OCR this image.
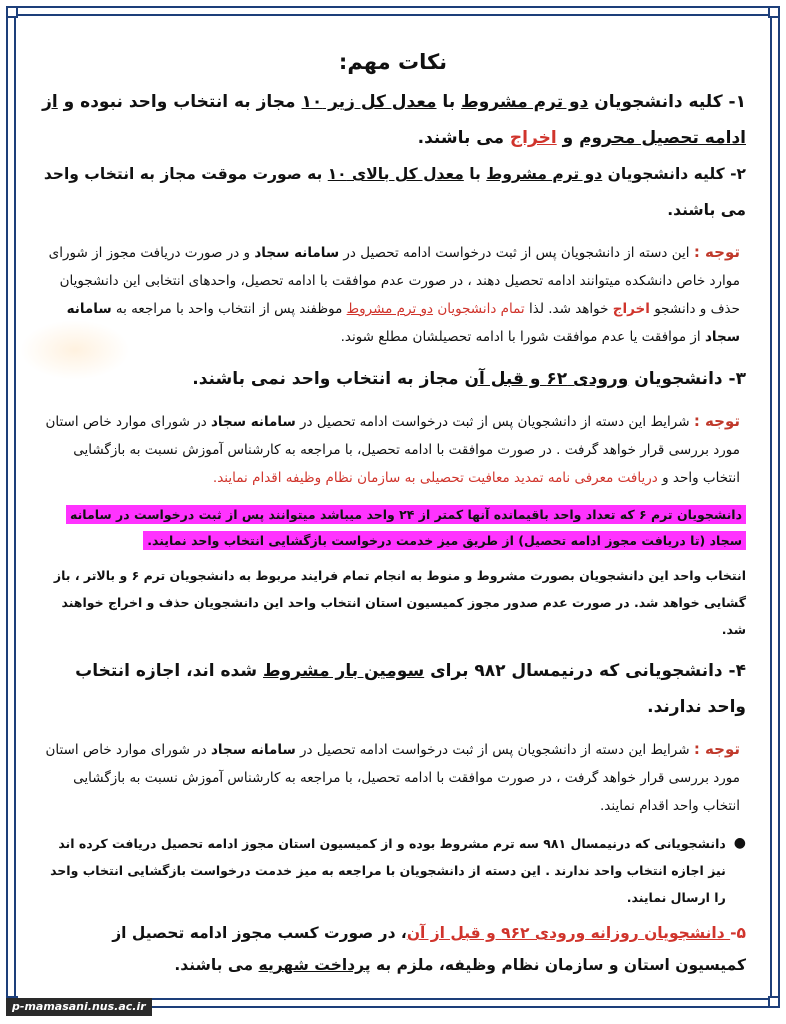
نکات مهم:

۱- کلیه دانشجویان دو ترم مشروط با معدل کل زیر ۱۰ مجاز به انتخاب واحد نبوده و از ادامه تحصیل محروم و اخراج می باشند.

۲- کلیه دانشجویان دو ترم مشروط با معدل کل بالای ۱۰ به صورت موقت مجاز به انتخاب واحد می باشند.

توجه : این دسته از دانشجویان پس از ثبت درخواست ادامه تحصیل در سامانه سجاد و در صورت دریافت مجوز از شورای موارد خاص دانشکده میتوانند ادامه تحصیل دهند ، در صورت عدم موافقت با ادامه تحصیل، واحدهای انتخابی این دانشجویان حذف و دانشجو اخراج خواهد شد. لذا تمام دانشجویان دو ترم مشروط موظفند پس از انتخاب واحد با مراجعه به سامانه سجاد از موافقت یا عدم موافقت شورا با ادامه تحصیلشان مطلع شوند.

۳- دانشجویان ورودی ۶۲ و قبل آن مجاز به انتخاب واحد نمی باشند.

توجه : شرایط این دسته از دانشجویان پس از ثبت درخواست ادامه تحصیل در سامانه سجاد در شورای موارد خاص استان مورد بررسی قرار خواهد گرفت . در صورت موافقت با ادامه تحصیل، با مراجعه به کارشناس آموزش نسبت به بازگشایی انتخاب واحد و دریافت معرفی نامه تمدید معافیت تحصیلی به سازمان نظام وظیفه اقدام نمایند.

دانشجویان ترم ۶ که تعداد واحد باقیمانده آنها کمتر از ۲۴ واحد میباشد میتوانند پس از ثبت درخواست در سامانه سجاد (تا دریافت مجوز ادامه تحصیل) از طریق میز خدمت درخواست بازگشایی انتخاب واحد نمایند.

انتخاب واحد این دانشجویان بصورت مشروط و منوط به انجام تمام فرایند مربوط به دانشجویان ترم ۶ و بالاتر ، باز گشایی خواهد شد. در صورت عدم صدور مجوز کمیسیون استان انتخاب واحد این دانشجویان حذف و اخراج خواهند شد.

۴- دانشجویانی که درنیمسال ۹۸۲ برای سومین بار مشروط شده اند، اجازه انتخاب واحد ندارند.

توجه : شرایط این دسته از دانشجویان پس از ثبت درخواست ادامه تحصیل در سامانه سجاد در شورای موارد خاص استان مورد بررسی قرار خواهد گرفت ، در صورت موافقت با ادامه تحصیل، با مراجعه به کارشناس آموزش نسبت به بازگشایی انتخاب واحد اقدام نمایند.

●
دانشجویانی که درنیمسال ۹۸۱ سه ترم مشروط بوده و از کمیسیون استان مجوز ادامه تحصیل دریافت کرده اند نیز اجازه انتخاب واحد ندارند . این دسته از دانشجویان با مراجعه به میز خدمت درخواست بازگشایی انتخاب واحد را ارسال نمایند.

۵- دانشجویان روزانه ورودی ۹۶۲ و قبل از آن، در صورت کسب مجوز ادامه تحصیل از کمیسیون استان و سازمان نظام وظیفه، ملزم به پرداخت شهریه می باشند.

p-mamasani.nus.ac.ir
